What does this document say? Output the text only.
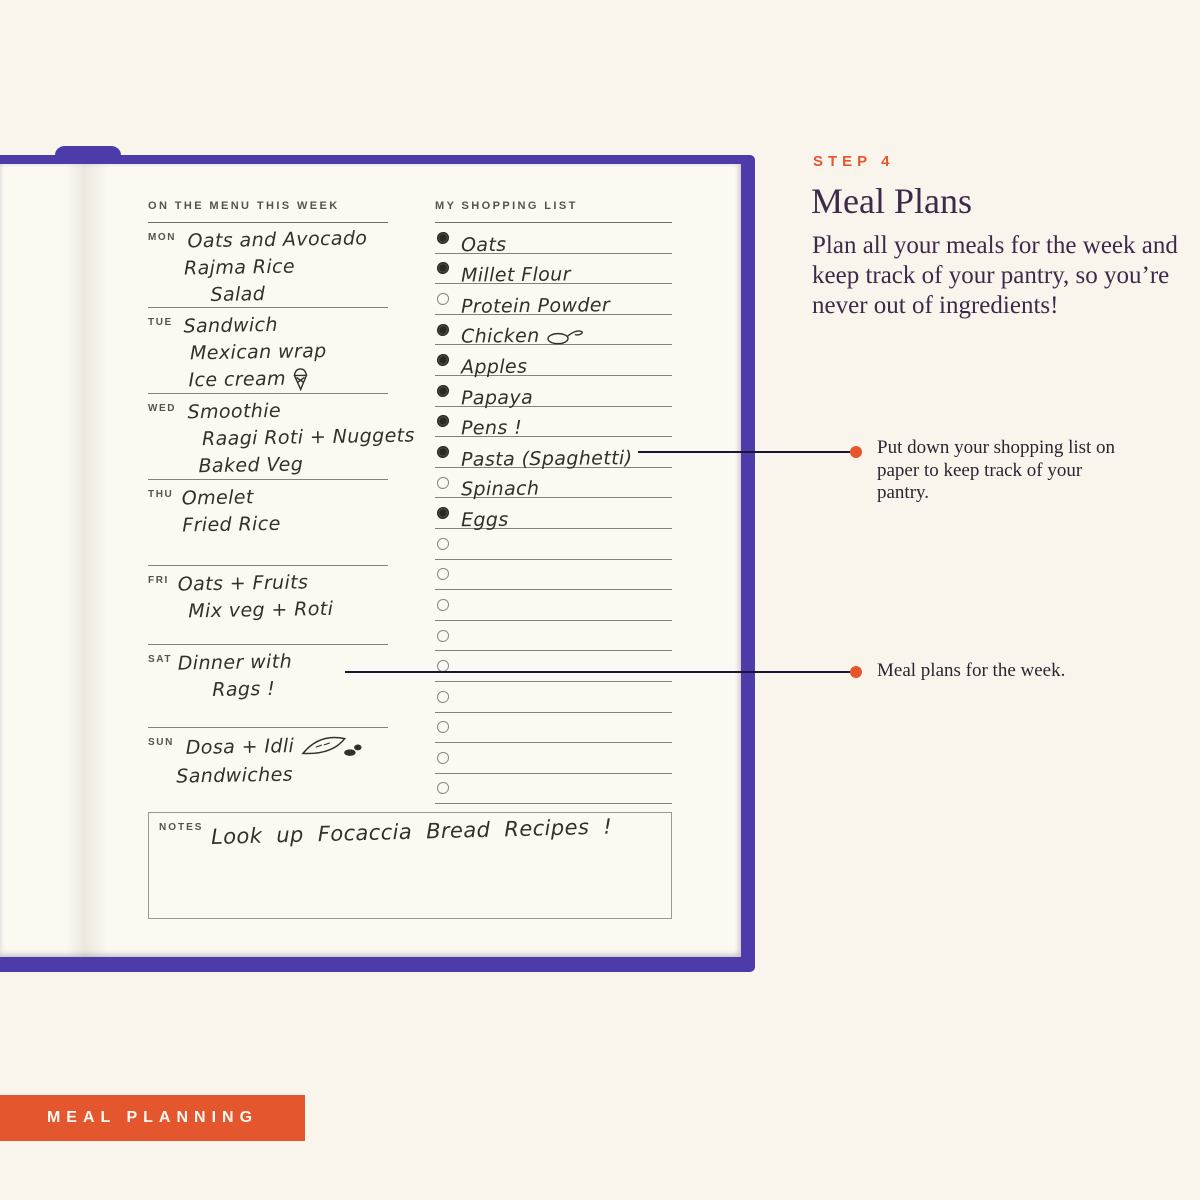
ON THE MENU THIS WEEK
MON Oats and Avocado
Rajma Rice
Salad
TUE Sandwich
Mexican wrap
Ice cream
WED Smoothie
Raagi Roti + Nuggets
Baked Veg
THU Omelet
Fried Rice
FRI Oats + Fruits
Mix veg + Roti
SAT Dinner with
Rags !
SUN Dosa + Idli
Sandwiches
MY SHOPPING LIST
Oats
Millet Flour
Protein Powder
Chicken
Apples
Papaya
Pens !
Pasta (Spaghetti)
Spinach
Eggs
NOTES Look up Focaccia Bread Recipes !
STEP 4
Meal Plans
Plan all your meals for the week and keep track of your pantry, so you’re never out of ingredients!
Put down your shopping list on paper to keep track of your pantry.
Meal plans for the week.
MEAL PLANNING
